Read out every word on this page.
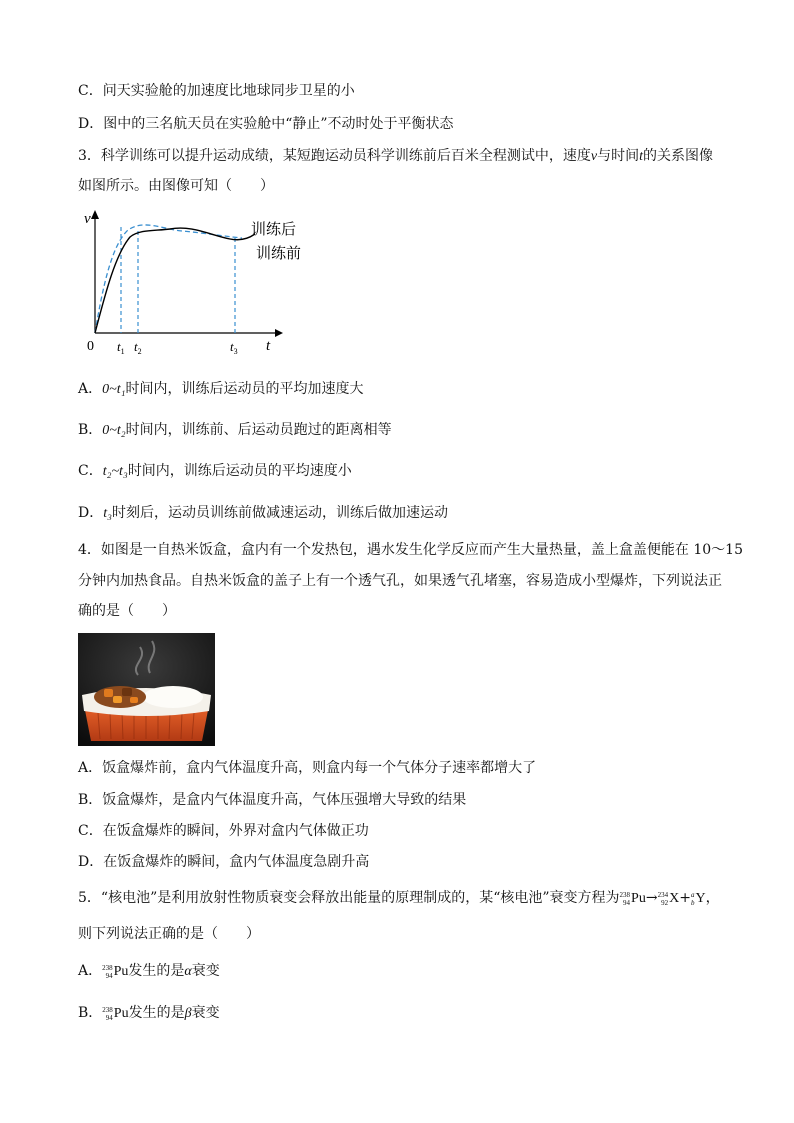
C．问天实验舱的加速度比地球同步卫星的小
D．图中的三名航天员在实验舱中“静止”不动时处于平衡状态
3．科学训练可以提升运动成绩，某短跑运动员科学训练前后百米全程测试中，速度v与时间t的关系图像
如图所示。由图像可知（　　）
v
t
0 $t_1$ $t_2$	$t_3$
训练后
训练前
A．0~t₁时间内，训练后运动员的平均加速度大
B．0~t₂时间内，训练前、后运动员跑过的距离相等
C．t₂~t₃时间内，训练后运动员的平均速度小
D．t₃时刻后，运动员训练前做减速运动，训练后做加速运动
4．如图是一自热米饭盒，盒内有一个发热包，遇水发生化学反应而产生大量热量，盖上盒盖便能在 10～15
分钟内加热食品。自热米饭盒的盖子上有一个透气孔，如果透气孔堵塞，容易造成小型爆炸，下列说法正
确的是（　　）
A．饭盒爆炸前，盒内气体温度升高，则盒内每一个气体分子速率都增大了
B．饭盒爆炸，是盒内气体温度升高，气体压强增大导致的结果
C．在饭盒爆炸的瞬间，外界对盒内气体做正功
D．在饭盒爆炸的瞬间，盒内气体温度急剧升高
5．“核电池”是利用放射性物质衰变会释放出能量的原理制成的，某“核电池”衰变方程为 238
94 Pu→ 234
92 X+ a
b Y，
则下列说法正确的是（　　）
A． 238
94 Pu发生的是α衰变
B． 238
94 Pu发生的是β衰变
